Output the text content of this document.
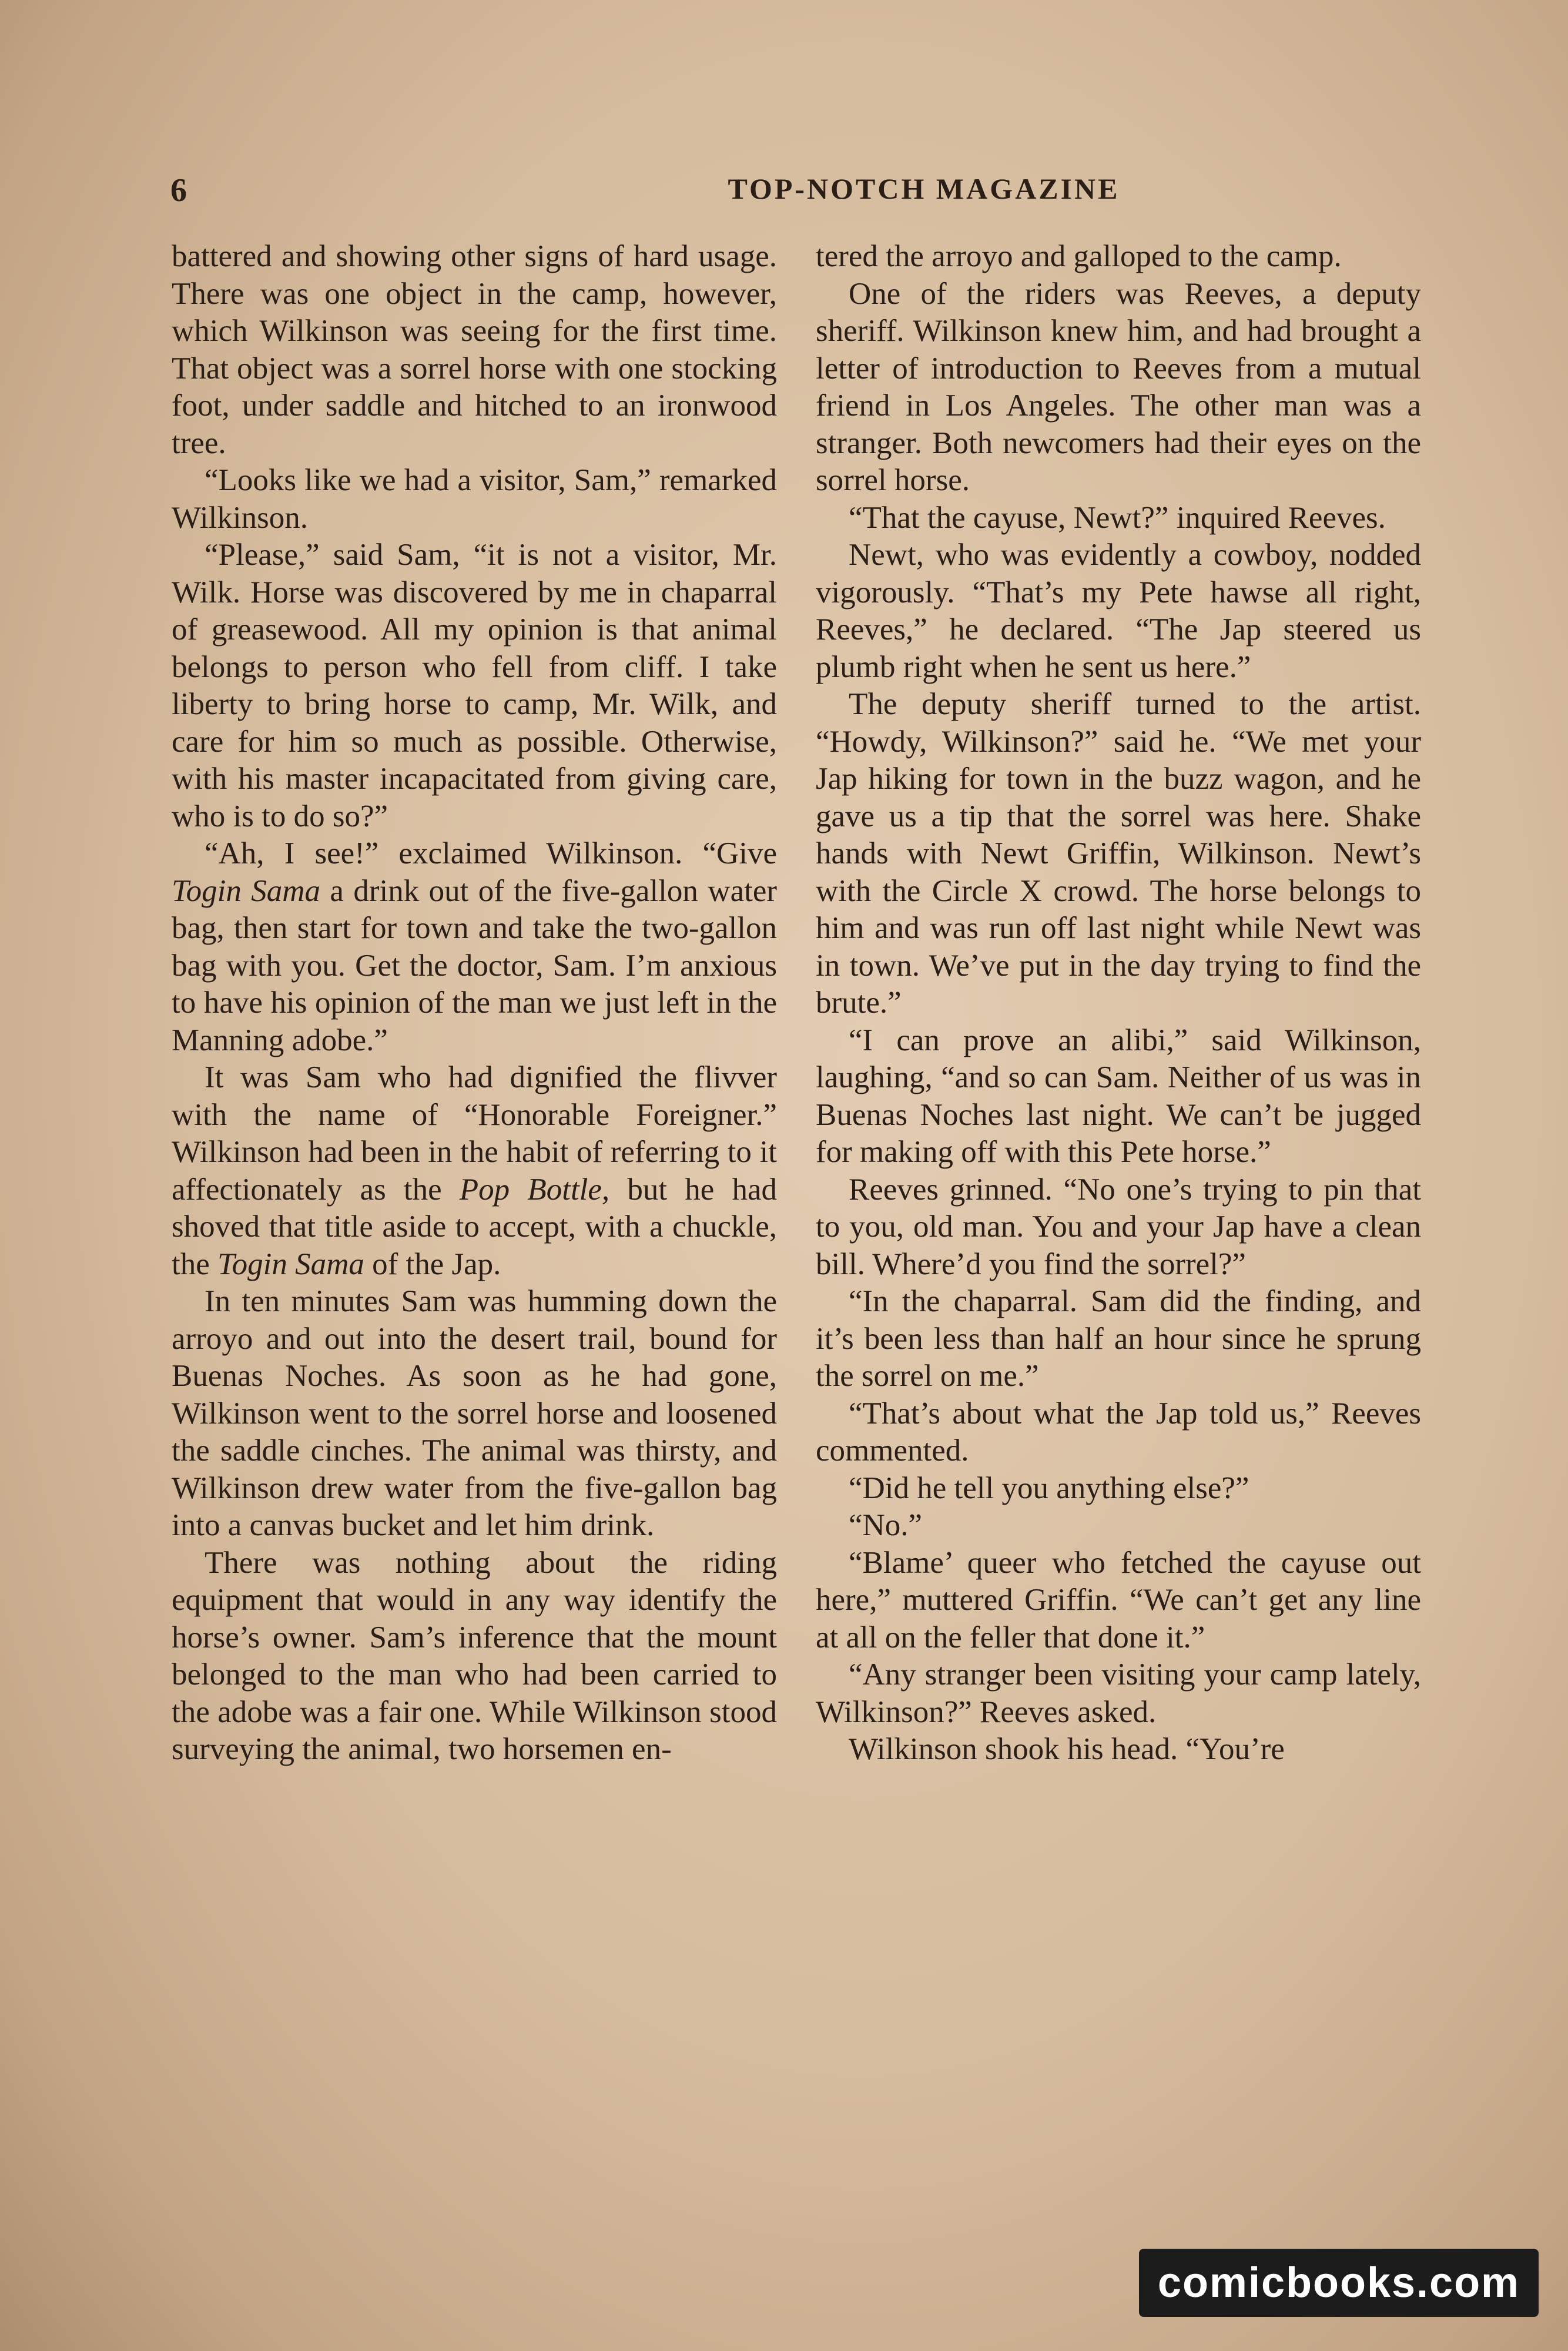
6	TOP-NOTCH MAGAZINE

battered and showing other signs of hard usage. There was one object in the camp, however, which Wilkinson was seeing for the first time. That object was a sorrel horse with one stocking foot, under saddle and hitched to an ironwood tree.

“Looks like we had a visitor, Sam,” remarked Wilkinson.

“Please,” said Sam, “it is not a visitor, Mr. Wilk. Horse was discovered by me in chaparral of greasewood. All my opinion is that animal belongs to person who fell from cliff. I take liberty to bring horse to camp, Mr. Wilk, and care for him so much as possible. Otherwise, with his master incapacitated from giving care, who is to do so?”

“Ah, I see!” exclaimed Wilkinson. “Give Togin Sama a drink out of the five-gallon water bag, then start for town and take the two-gallon bag with you. Get the doctor, Sam. I’m anxious to have his opinion of the man we just left in the Manning adobe.”

It was Sam who had dignified the flivver with the name of “Honorable Foreigner.” Wilkinson had been in the habit of referring to it affectionately as the Pop Bottle, but he had shoved that title aside to accept, with a chuckle, the Togin Sama of the Jap.

In ten minutes Sam was humming down the arroyo and out into the desert trail, bound for Buenas Noches. As soon as he had gone, Wilkinson went to the sorrel horse and loosened the saddle cinches. The animal was thirsty, and Wilkinson drew water from the five-gallon bag into a canvas bucket and let him drink.

There was nothing about the riding equipment that would in any way identify the horse’s owner. Sam’s inference that the mount belonged to the man who had been carried to the adobe was a fair one. While Wilkinson stood surveying the animal, two horsemen en-

tered the arroyo and galloped to the camp.

One of the riders was Reeves, a deputy sheriff. Wilkinson knew him, and had brought a letter of introduction to Reeves from a mutual friend in Los Angeles. The other man was a stranger. Both newcomers had their eyes on the sorrel horse.

“That the cayuse, Newt?” inquired Reeves.

Newt, who was evidently a cowboy, nodded vigorously. “That’s my Pete hawse all right, Reeves,” he declared. “The Jap steered us plumb right when he sent us here.”

The deputy sheriff turned to the artist. “Howdy, Wilkinson?” said he. “We met your Jap hiking for town in the buzz wagon, and he gave us a tip that the sorrel was here. Shake hands with Newt Griffin, Wilkinson. Newt’s with the Circle X crowd. The horse belongs to him and was run off last night while Newt was in town. We’ve put in the day trying to find the brute.”

“I can prove an alibi,” said Wilkinson, laughing, “and so can Sam. Neither of us was in Buenas Noches last night. We can’t be jugged for making off with this Pete horse.”

Reeves grinned. “No one’s trying to pin that to you, old man. You and your Jap have a clean bill. Where’d you find the sorrel?”

“In the chaparral. Sam did the finding, and it’s been less than half an hour since he sprung the sorrel on me.”

“That’s about what the Jap told us,” Reeves commented.

“Did he tell you anything else?”

“No.”

“Blame’ queer who fetched the cayuse out here,” muttered Griffin. “We can’t get any line at all on the feller that done it.”

“Any stranger been visiting your camp lately, Wilkinson?” Reeves asked.

Wilkinson shook his head. “You’re

comicbooks.com
